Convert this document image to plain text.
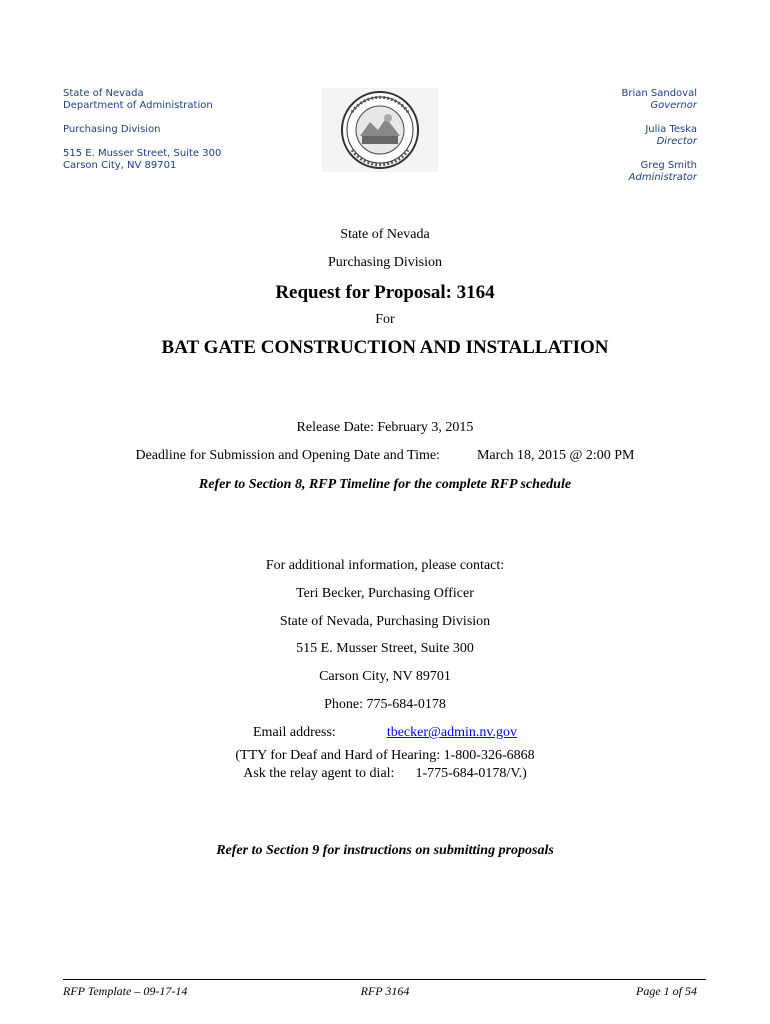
State of Nevada
Department of Administration
Purchasing Division
515 E. Musser Street, Suite 300
Carson City, NV 89701
Brian Sandoval
Governor
Julia Teska
Director
Greg Smith
Administrator
State of Nevada
Purchasing Division
Request for Proposal: 3164
For
BAT GATE CONSTRUCTION AND INSTALLATION
Release Date: February 3, 2015
Deadline for Submission and Opening Date and Time:	March 18, 2015 @ 2:00 PM
Refer to Section 8, RFP Timeline for the complete RFP schedule
For additional information, please contact:
Teri Becker, Purchasing Officer
State of Nevada, Purchasing Division
515 E. Musser Street, Suite 300
Carson City, NV 89701
Phone: 775-684-0178
Email address:	tbecker@admin.nv.gov
(TTY for Deaf and Hard of Hearing: 1-800-326-6868
Ask the relay agent to dial: 1-775-684-0178/V.)
Refer to Section 9 for instructions on submitting proposals
RFP Template – 09-17-14	RFP 3164	Page 1 of 54
